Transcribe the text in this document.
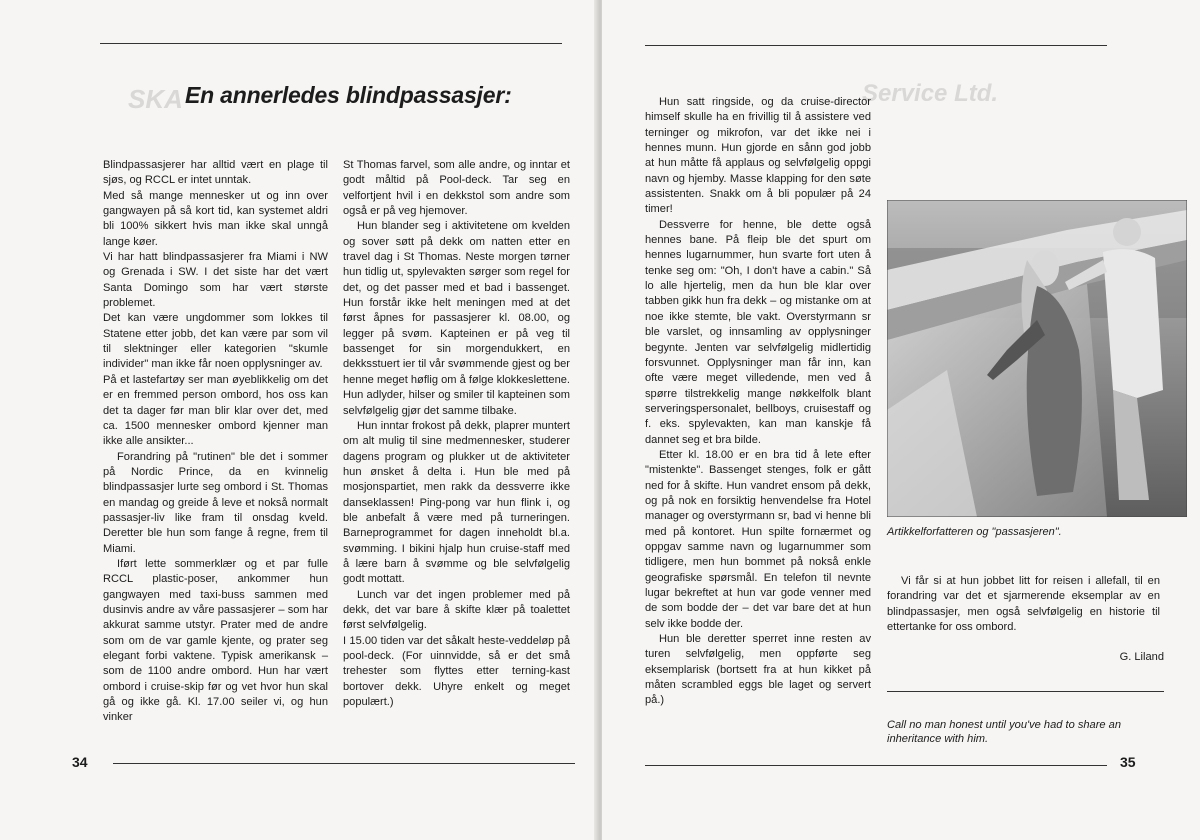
SKA En annerledes blindpassasjer:

Blindpassasjerer har alltid vært en plage til sjøs, og RCCL er intet unntak.

Med så mange mennesker ut og inn over gangwayen på så kort tid, kan systemet aldri bli 100% sikkert hvis man ikke skal unngå lange køer.

Vi har hatt blindpassasjerer fra Miami i NW og Grenada i SW. I det siste har det vært Santa Domingo som har vært største problemet.

Det kan være ungdommer som lokkes til Statene etter jobb, det kan være par som vil til slektninger eller kategorien "skumle individer" man ikke får noen opplysninger av.

På et lastefartøy ser man øyeblikkelig om det er en fremmed person ombord, hos oss kan det ta dager før man blir klar over det, med ca. 1500 mennesker ombord kjenner man ikke alle ansikter...

Forandring på "rutinen" ble det i sommer på Nordic Prince, da en kvinnelig blindpassasjer lurte seg ombord i St. Thomas en mandag og greide å leve et nokså normalt passasjer-liv like fram til onsdag kveld. Deretter ble hun som fange å regne, frem til Miami.

Iført lette sommerklær og et par fulle RCCL plastic-poser, ankommer hun gangwayen med taxi-buss sammen med dusinvis andre av våre passasjerer – som har akkurat samme utstyr. Prater med de andre som om de var gamle kjente, og prater seg elegant forbi vaktene. Typisk amerikansk – som de 1100 andre ombord. Hun har vært ombord i cruise-skip før og vet hvor hun skal gå og ikke gå. Kl. 17.00 seiler vi, og hun vinker

St Thomas farvel, som alle andre, og inntar et godt måltid på Pool-deck. Tar seg en velfortjent hvil i en dekkstol som andre som også er på veg hjemover.

Hun blander seg i aktivitetene om kvelden og sover søtt på dekk om natten etter en travel dag i St Thomas. Neste morgen tørner hun tidlig ut, spylevakten sørger som regel for det, og det passer med et bad i bassenget. Hun forstår ikke helt meningen med at det først åpnes for passasjerer kl. 08.00, og legger på svøm. Kapteinen er på veg til bassenget for sin morgendukkert, en dekksstuert ier til vår svømmende gjest og ber henne meget høflig om å følge klokkeslettene. Hun adlyder, hilser og smiler til kapteinen som selvfølgelig gjør det samme tilbake.

Hun inntar frokost på dekk, plaprer muntert om alt mulig til sine medmennesker, studerer dagens program og plukker ut de aktiviteter hun ønsket å delta i. Hun ble med på mosjonspartiet, men rakk da dessverre ikke danseklassen! Ping-pong var hun flink i, og ble anbefalt å være med på turneringen. Barneprogrammet for dagen inneholdt bl.a. svømming. I bikini hjalp hun cruise-staff med å lære barn å svømme og ble selvfølgelig godt mottatt.

Lunch var det ingen problemer med på dekk, det var bare å skifte klær på toalettet først selvfølgelig.

I 15.00 tiden var det såkalt heste-veddeløp på pool-deck. (For uinnvidde, så er det små trehester som flyttes etter terning-kast bortover dekk. Uhyre enkelt og meget populært.)

34
Service Ltd.

Hun satt ringside, og da cruise-director himself skulle ha en frivillig til å assistere ved terninger og mikrofon, var det ikke nei i hennes munn. Hun gjorde en sånn god jobb at hun måtte få applaus og selvfølgelig oppgi navn og hjemby. Masse klapping for den søte assistenten. Snakk om å bli populær på 24 timer!

Dessverre for henne, ble dette også hennes bane. På fleip ble det spurt om hennes lugarnummer, hun svarte fort uten å tenke seg om: "Oh, I don't have a cabin." Så lo alle hjertelig, men da hun ble klar over tabben gikk hun fra dekk – og mistanke om at noe ikke stemte, ble vakt. Overstyrmann sr ble varslet, og innsamling av opplysninger begynte. Jenten var selvfølgelig midlertidig forsvunnet. Opplysninger man får inn, kan ofte være meget villedende, men ved å spørre tilstrekkelig mange nøkkelfolk blant serveringspersonalet, bellboys, cruisestaff og f. eks. spylevakten, kan man kanskje få dannet seg et bra bilde.

Etter kl. 18.00 er en bra tid å lete efter "mistenkte". Bassenget stenges, folk er gått ned for å skifte. Hun vandret ensom på dekk, og på nok en forsiktig henvendelse fra Hotel manager og overstyrmann sr, bad vi henne bli med på kontoret. Hun spilte fornærmet og oppgav samme navn og lugarnummer som tidligere, men hun bommet på nokså enkle geografiske spørsmål. En telefon til nevnte lugar bekreftet at hun var gode venner med de som bodde der – det var bare det at hun selv ikke bodde der.

Hun ble deretter sperret inne resten av turen selvfølgelig, men oppførte seg eksemplarisk (bortsett fra at hun kikket på måten scrambled eggs ble laget og servert på.)

35
Artikkelforfatteren og "passasjeren".

Vi får si at hun jobbet litt for reisen i allefall, til en forandring var det et sjarmerende eksemplar av en blindpassasjer, men også selvfølgelig en historie til ettertanke for oss ombord.

G. Liland
Call no man honest until you've had to share an inheritance with him.
